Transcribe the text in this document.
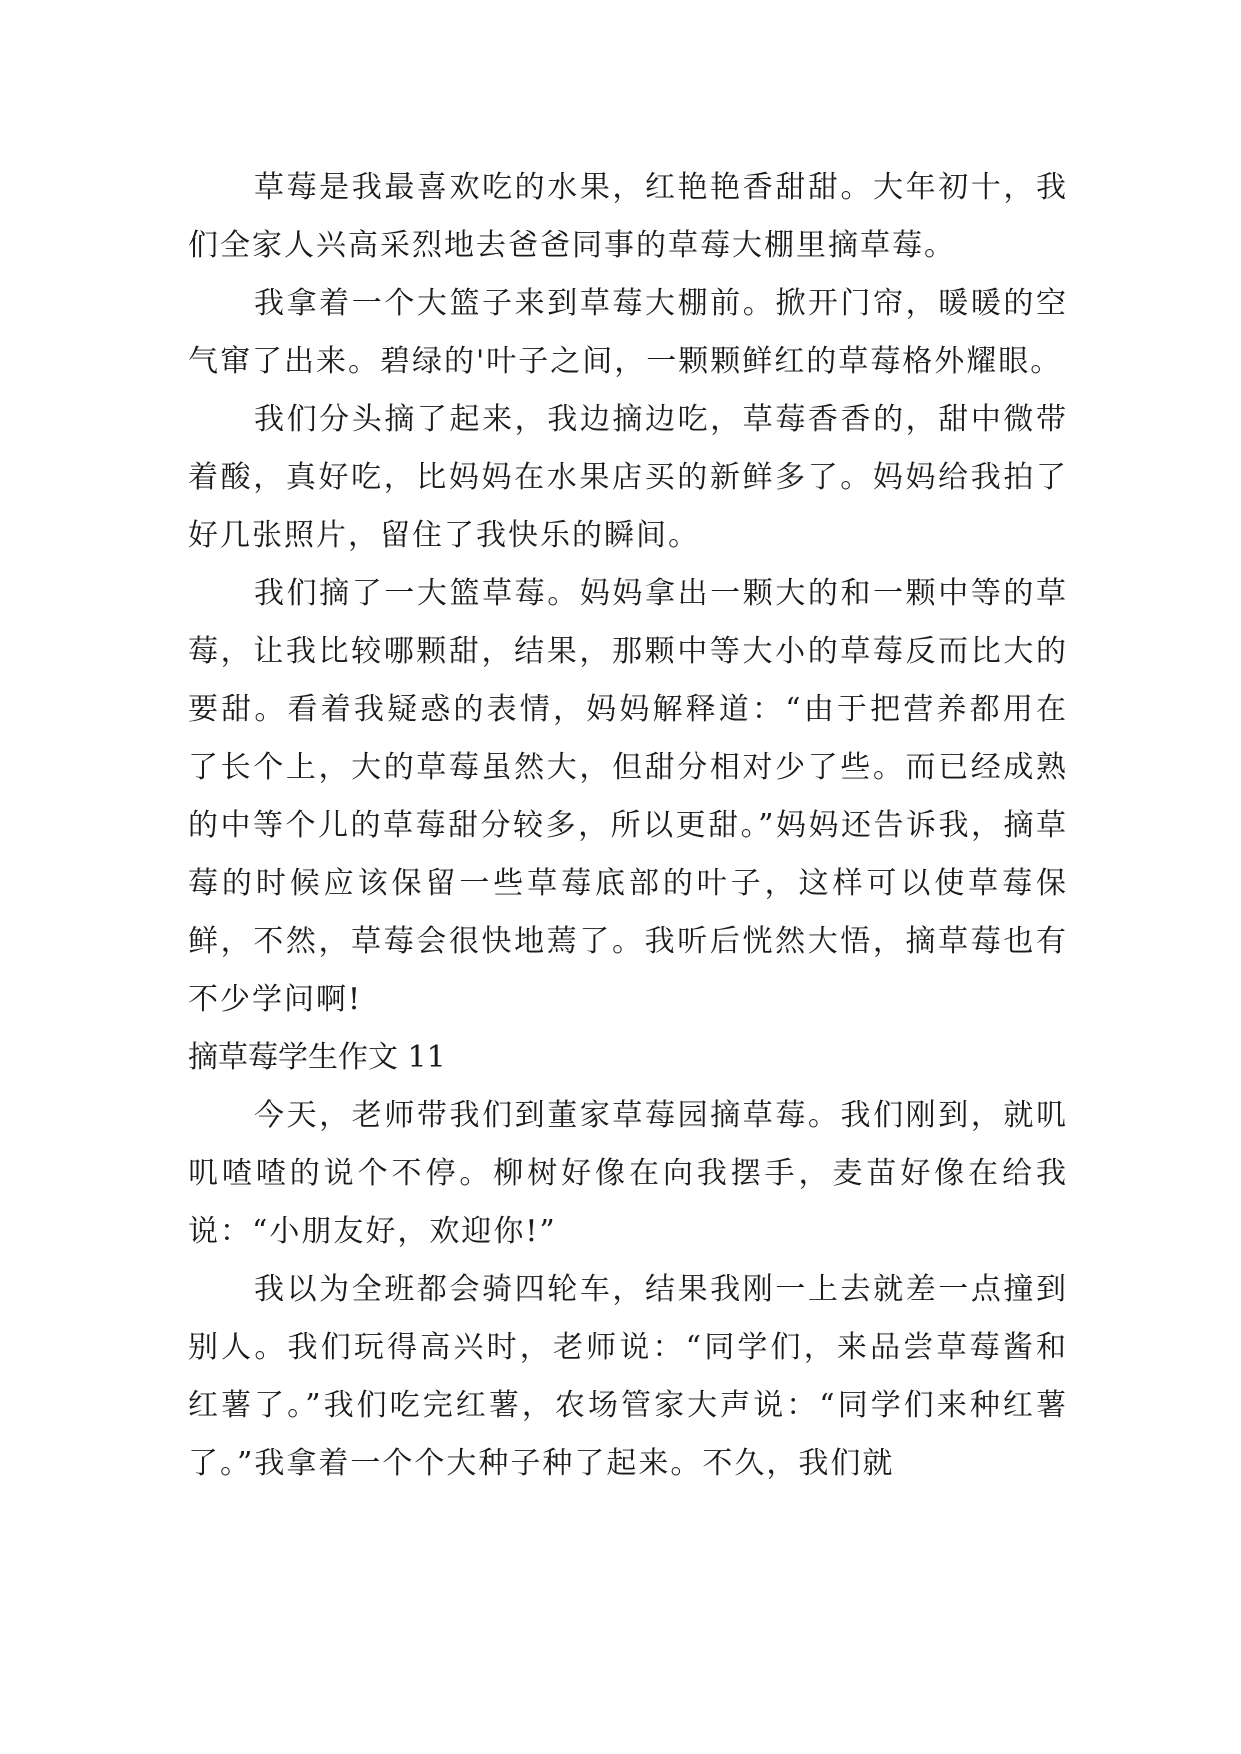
草莓是我最喜欢吃的水果，红艳艳香甜甜。大年初十，我们全家人兴高采烈地去爸爸同事的草莓大棚里摘草莓。

我拿着一个大篮子来到草莓大棚前。掀开门帘，暖暖的空气窜了出来。碧绿的'叶子之间，一颗颗鲜红的草莓格外耀眼。

我们分头摘了起来，我边摘边吃，草莓香香的，甜中微带着酸，真好吃，比妈妈在水果店买的新鲜多了。妈妈给我拍了好几张照片，留住了我快乐的瞬间。

我们摘了一大篮草莓。妈妈拿出一颗大的和一颗中等的草莓，让我比较哪颗甜，结果，那颗中等大小的草莓反而比大的要甜。看着我疑惑的表情，妈妈解释道：“由于把营养都用在了长个上，大的草莓虽然大，但甜分相对少了些。而已经成熟的中等个儿的草莓甜分较多，所以更甜。”妈妈还告诉我，摘草莓的时候应该保留一些草莓底部的叶子，这样可以使草莓保鲜，不然，草莓会很快地蔫了。我听后恍然大悟，摘草莓也有不少学问啊!

摘草莓学生作文 11

今天，老师带我们到董家草莓园摘草莓。我们刚到，就叽叽喳喳的说个不停。柳树好像在向我摆手，麦苗好像在给我说：“小朋友好，欢迎你!”

我以为全班都会骑四轮车，结果我刚一上去就差一点撞到别人。我们玩得高兴时，老师说：“同学们，来品尝草莓酱和红薯了。”我们吃完红薯，农场管家大声说：“同学们来种红薯了。”我拿着一个个大种子种了起来。不久，我们就
